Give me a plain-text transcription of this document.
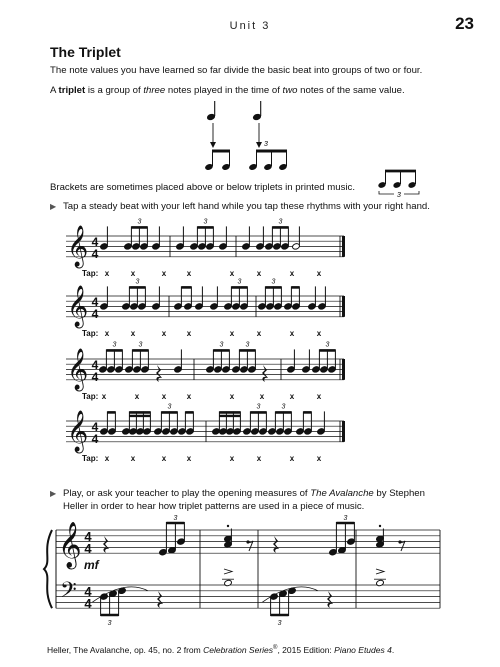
Unit 3	23
The Triplet
The note values you have learned so far divide the basic beat into groups of two or four.
A triplet is a group of three notes played in the time of two notes of the same value.
3
Brackets are sometimes placed above or below triplets in printed music.
3
▶ Tap a steady beat with your left hand while you tap these rhythms with your right hand.
𝄞 4
4
3	3	3
Tap: x	x	x	x	x	x	x	x
𝄞 4
4
3	3	3
Tap: x	x	x	x	x	x	x	x
𝄞 4
4
3	3	3	3	3
Tap: x	x	x	x	x	x	x	x
𝄞 4
4
3	3	3
Tap: x	x	x	x	x	x	x	x
▶ Play, or ask your teacher to play the opening measures of The Avalanche by Stephen Heller in order to hear how triplet patterns are used in a piece of music.
𝄞
𝄢
4
4
4
4
mf
3
3
3
3
Heller, The Avalanche, op. 45, no. 2 from Celebration Series®, 2015 Edition: Piano Etudes 4.
